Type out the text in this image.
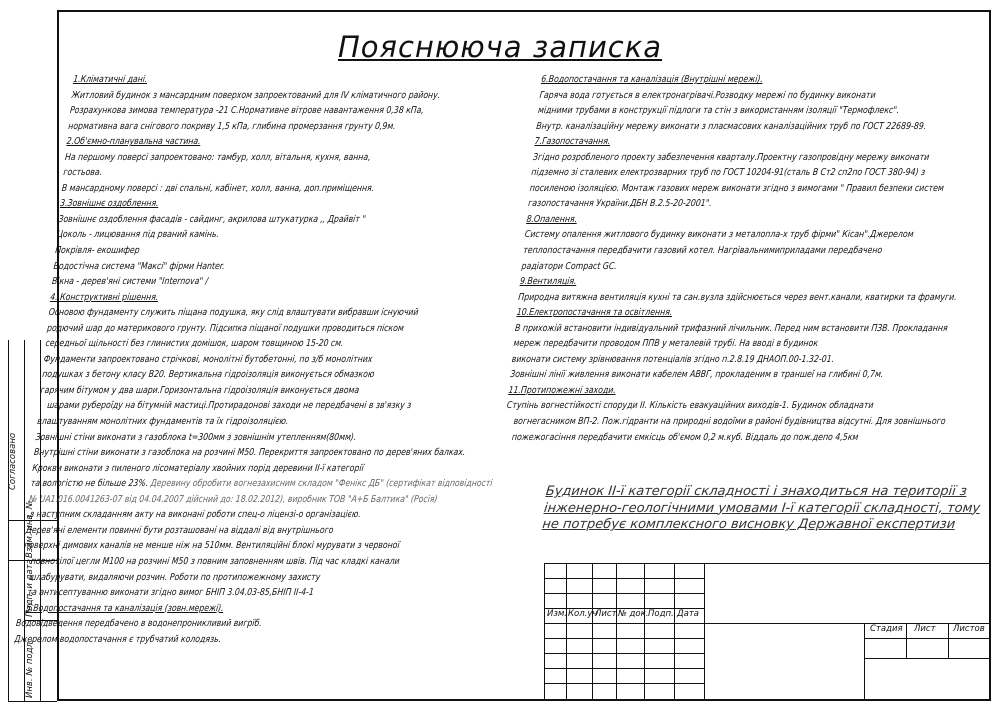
Пояснююча записка
1.Кліматичні дані.
Житловий будинок з мансардним поверхом запроектований для IV кліматичного району.
Розрахункова зимова температура -21 С.Нормативне вітрове навантаження 0,38 кПа,
нормативна вага снігового покриву 1,5 кПа, глибина промерзання грунту 0,9м.
2.Об'ємно-планувальна частина.
На першому поверсі запроектовано: тамбур, холл, вітальня, кухня, ванна,
гостьова.
В мансардному поверсі : дві спальні, кабінет, холл, ванна, доп.приміщення.
3.Зовнішнє оздоблення.
Зовнішнє оздоблення фасадів - сайдинг, акрилова штукатурка ,, Драйвіт "
Цоколь - лицювання під рваний камінь.
Покрівля- екошифер
Водостічна система "Максі" фірми Hanter.
Вікна - дерев'яні системи "Internova" /
4. Конструктивні рішення.
Основою фундаменту служить піщана подушка, яку слід влаштувати вибравши існуючий
родючий шар до материкового грунту. Підсипка піщаної подушки проводиться піском
середньої щільності без глинистих домішок, шаром товщиною 15-20 см.
Фундаменти запроектовано стрічкові, монолітні бутобетонні, по з/б монолітних
подушках з бетону класу В20. Вертикальна гідроізоляція виконується обмазкою
гарячим бітумом у два шари.Горизонтальна гідроізоляція виконується двома
шарами рубероїду на бітумній мастиці.Протирадонові заходи не передбачені в зв'язку з
влаштуванням монолітних фундаментів та їх гідроізоляцією.
Зовнішні стіни виконати з газоблока t=300мм з зовнішнім утепленням(80мм).
Внутрішні стіни виконати з газоблока на розчині М50. Перекриття запроектовано по дерев'яних балках.
Крокви виконати з пиленого лісоматеріалу хвойних порід деревини ІІ-ї категорії
та вологістю не більше 23%. Деревину обробити вогнезахисним складом "Фенікс ДБ" (сертифікат відповідності
№ UA1.016.0041263-07 від 04.04.2007 дійсний до: 18.02.2012), виробник ТОВ "А+Б Балтика" (Росія)
.з наступним складанням акту на виконані роботи спец-о ліцензі-о організацією.
Дерев'яні елементи повинні бути розташовані на віддалі від внутрішнього
поверхні димових каналів не менше ніж на 510мм. Вентиляційні блокі мурувати з червоної
повнотілої цегли М100 на розчині М50 з повним заповненням швів. Під час кладкі канали
шлабурувати, видаляючи розчин. Роботи по протипожежному захисту
та антисептуванню виконати згідно вимог БНІП 3.04.03-85,БНІП ІІ-4-1
5.Водопостачання та каналізація (зовн.мережі).
Водовідведення передбачено в водонепроникливий вигрїб.
Джерелом водопостачання є трубчатий колодязь.
6.Водопостачання та каналізація (Внутрішні мережі).
Гаряча вода готується в електронагрівачі.Розводку мережі по будинку виконати
мідними трубами в конструкції підлоги та стін з використанням ізоляції "Термофлекс".
Внутр. каналізаційну мережу виконати з пласмасових каналізаційних труб по ГОСТ 22689-89.
7.Газопостачання.
Згідно розробленого проекту забезпечення кварталу.Проектну газопровідну мережу виконати
підземно зі сталевих електрозварних труб по ГОСТ 10204-91(сталь В Ст2 сп2по ГОСТ 380-94) з
посиленою ізоляцією. Монтаж газових мереж виконати згідно з вимогами " Правил безпеки систем
газопостачання України.ДБН В.2.5-20-2001".
8.Опалення.
Систему опалення житлового будинку виконати з металопла-х труб фірми" Кісан".Джерелом
теплопостачання передбачити газовий котел. Нагрівальнимиприладами передбачено
радіатори Compact GC.
9.Вентиляція.
Природна витяжна вентиляція кухні та сан.вузла здійснюється через вент.канали, кватирки та фрамуги.
10.Електропостачання та освітлення.
В прихожій встановити індивідуальний трифазний лічильник. Перед ним встановити ПЗВ. Прокладання
мереж передбачити проводом ППВ у металевій трубі. На вводі в будинок
виконати систему зрівнювання потенціалів згідно п.2.8.19 ДНАОП.00-1.32-01.
Зовнішні лінії живлення виконати кабелем АВВГ, прокладеним в траншеї на глибині 0,7м.
11.Протипожежні заходи.
Ступінь вогнестійкості споруди ІІ. Кількість евакуаційних виходів-1. Будинок обладнати
вогнегасником ВП-2. Пож.гідранти на природні водоїми в районі будівництва відсутні. Для зовнішнього
пожежогасіння передбачити ємкісць об'ємом 0,2 м.куб. Віддаль до пож.депо 4,5км
Будинок ІІ-ї категорії складності і знаходиться на території з
інженерно-геологічними умовами І-ї категорії складності, тому
не потребує комплексного висновку Державної експертизи
Согласовано
Взам. инв. №
Подп. и дата
Инв. № подл.
Изм. Кол.уч
Лист № док. Подп. Дата
Стадия Лист Листов
